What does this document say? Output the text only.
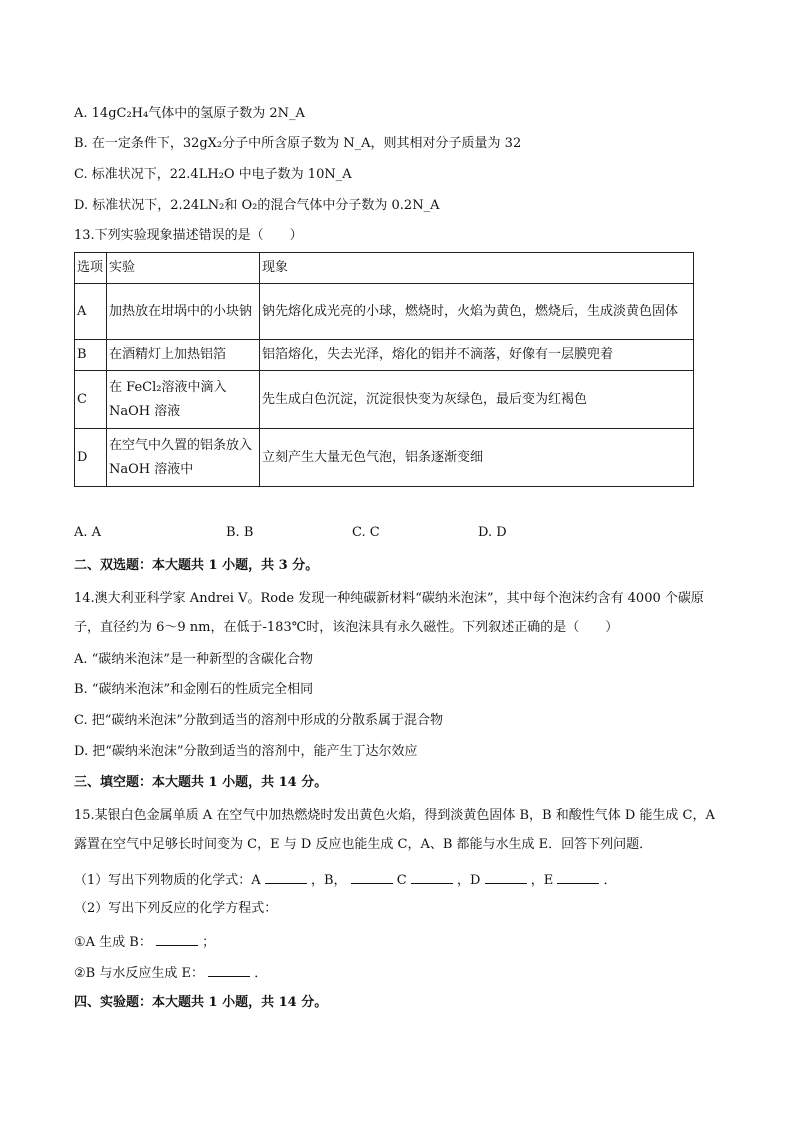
A. 14gC₂H₄气体中的氢原子数为 2N_A
B. 在一定条件下，32gX₂分子中所含原子数为 N_A，则其相对分子质量为 32
C. 标准状况下，22.4LH₂O 中电子数为 10N_A
D. 标准状况下，2.24LN₂和 O₂的混合气体中分子数为 0.2N_A
13.下列实验现象描述错误的是（　　）
选项	实验	现象
A	加热放在坩埚中的小块钠	钠先熔化成光亮的小球，燃烧时，火焰为黄色，燃烧后，生成淡黄色固体
B	在酒精灯上加热铝箔	铝箔熔化，失去光泽，熔化的铝并不滴落，好像有一层膜兜着
C	在 FeCl₂溶液中滴入 NaOH 溶液	先生成白色沉淀，沉淀很快变为灰绿色，最后变为红褐色
D	在空气中久置的铝条放入 NaOH 溶液中	立刻产生大量无色气泡，铝条逐渐变细
A. A	B. B	C. C	D. D
二、双选题：本大题共 1 小题，共 3 分。
14.澳大利亚科学家 Andrei V。Rode 发现一种纯碳新材料“碳纳米泡沫”，其中每个泡沫约含有 4000 个碳原子，直径约为 6～9 nm，在低于-183℃时，该泡沫具有永久磁性。下列叙述正确的是（　　）
A. “碳纳米泡沫”是一种新型的含碳化合物
B. “碳纳米泡沫”和金刚石的性质完全相同
C. 把“碳纳米泡沫”分散到适当的溶剂中形成的分散系属于混合物
D. 把“碳纳米泡沫”分散到适当的溶剂中，能产生丁达尔效应
三、填空题：本大题共 1 小题，共 14 分。
15.某银白色金属单质 A 在空气中加热燃烧时发出黄色火焰，得到淡黄色固体 B，B 和酸性气体 D 能生成 C，A 露置在空气中足够长时间变为 C，E 与 D 反应也能生成 C，A、B 都能与水生成 E．回答下列问题．
（1）写出下列物质的化学式：A	，B，	C	，D	，E	．
（2）写出下列反应的化学方程式：
①A 生成 B：	；
②B 与水反应生成 E：	．
四、实验题：本大题共 1 小题，共 14 分。
